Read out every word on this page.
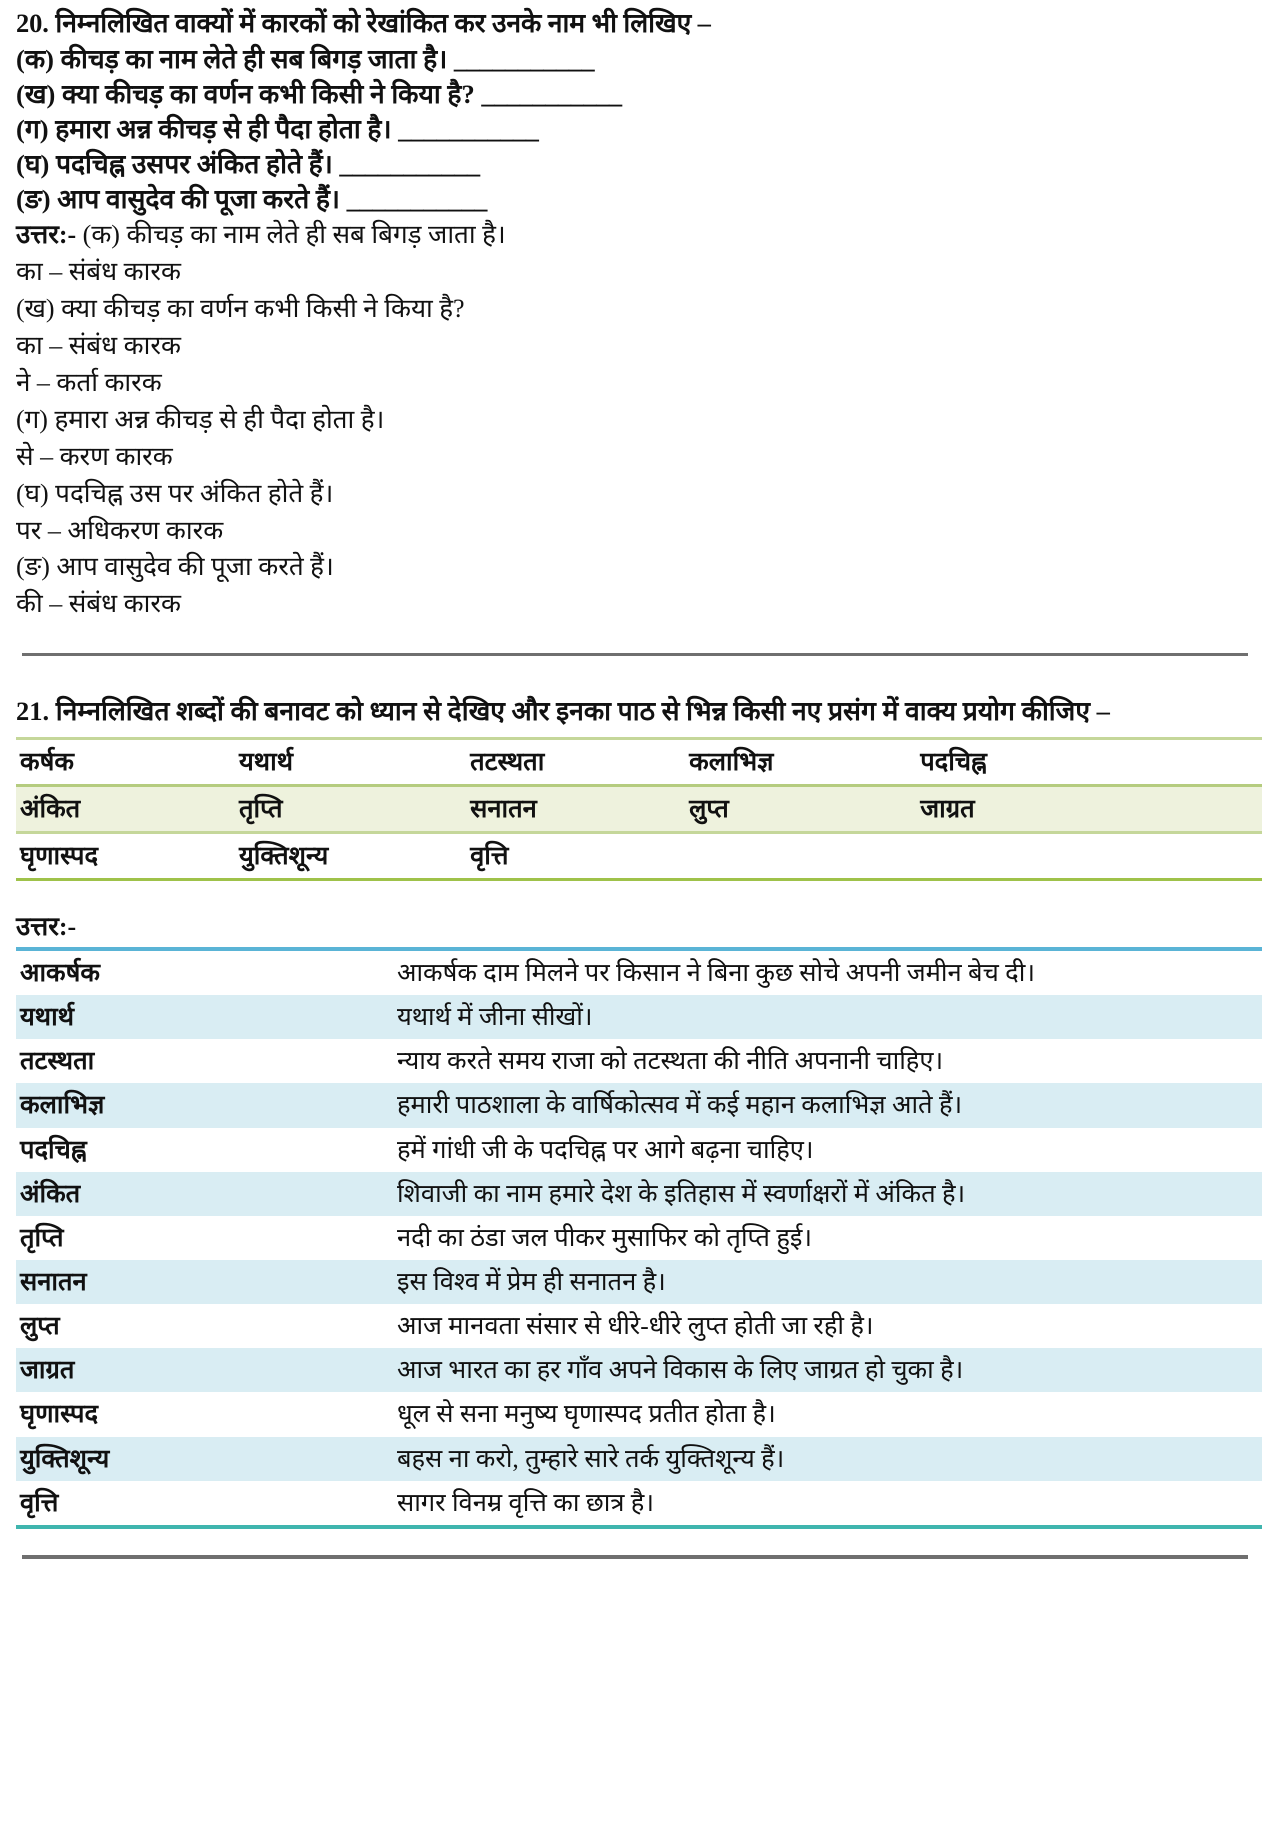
20. निम्नलिखित वाक्यों में कारकों को रेखांकित कर उनके नाम भी लिखिए –

(क) कीचड़ का नाम लेते ही सब बिगड़ जाता है। ___________

(ख) क्या कीचड़ का वर्णन कभी किसी ने किया है? ___________

(ग) हमारा अन्न कीचड़ से ही पैदा होता है। ___________

(घ) पदचिह्न उसपर अंकित होते हैं। ___________

(ङ) आप वासुदेव की पूजा करते हैं। ___________

उत्तर:- (क) कीचड़ का नाम लेते ही सब बिगड़ जाता है।

का – संबंध कारक

(ख) क्या कीचड़ का वर्णन कभी किसी ने किया है?

का – संबंध कारक

ने – कर्ता कारक

(ग) हमारा अन्न कीचड़ से ही पैदा होता है।

से – करण कारक

(घ) पदचिह्न उस पर अंकित होते हैं।

पर – अधिकरण कारक

(ङ) आप वासुदेव की पूजा करते हैं।

की – संबंध कारक

21. निम्नलिखित शब्दों की बनावट को ध्यान से देखिए और इनका पाठ से भिन्न किसी नए प्रसंग में वाक्य प्रयोग कीजिए –

कर्षक	यथार्थ	तटस्थता	कलाभिज्ञ	पदचिह्न
अंकित	तृप्ति	सनातन	लुप्त	जाग्रत
घृणास्पद	युक्तिशून्य	वृत्ति		

उत्तर:-

आकर्षक	आकर्षक दाम मिलने पर किसान ने बिना कुछ सोचे अपनी जमीन बेच दी।
यथार्थ	यथार्थ में जीना सीखों।
तटस्थता	न्याय करते समय राजा को तटस्थता की नीति अपनानी चाहिए।
कलाभिज्ञ	हमारी पाठशाला के वार्षिकोत्सव में कई महान कलाभिज्ञ आते हैं।
पदचिह्न	हमें गांधी जी के पदचिह्न पर आगे बढ़ना चाहिए।
अंकित	शिवाजी का नाम हमारे देश के इतिहास में स्वर्णाक्षरों में अंकित है।
तृप्ति	नदी का ठंडा जल पीकर मुसाफिर को तृप्ति हुई।
सनातन	इस विश्व में प्रेम ही सनातन है।
लुप्त	आज मानवता संसार से धीरे-धीरे लुप्त होती जा रही है।
जाग्रत	आज भारत का हर गाँव अपने विकास के लिए जाग्रत हो चुका है।
घृणास्पद	धूल से सना मनुष्य घृणास्पद प्रतीत होता है।
युक्तिशून्य	बहस ना करो, तुम्हारे सारे तर्क युक्तिशून्य हैं।
वृत्ति	सागर विनम्र वृत्ति का छात्र है।
